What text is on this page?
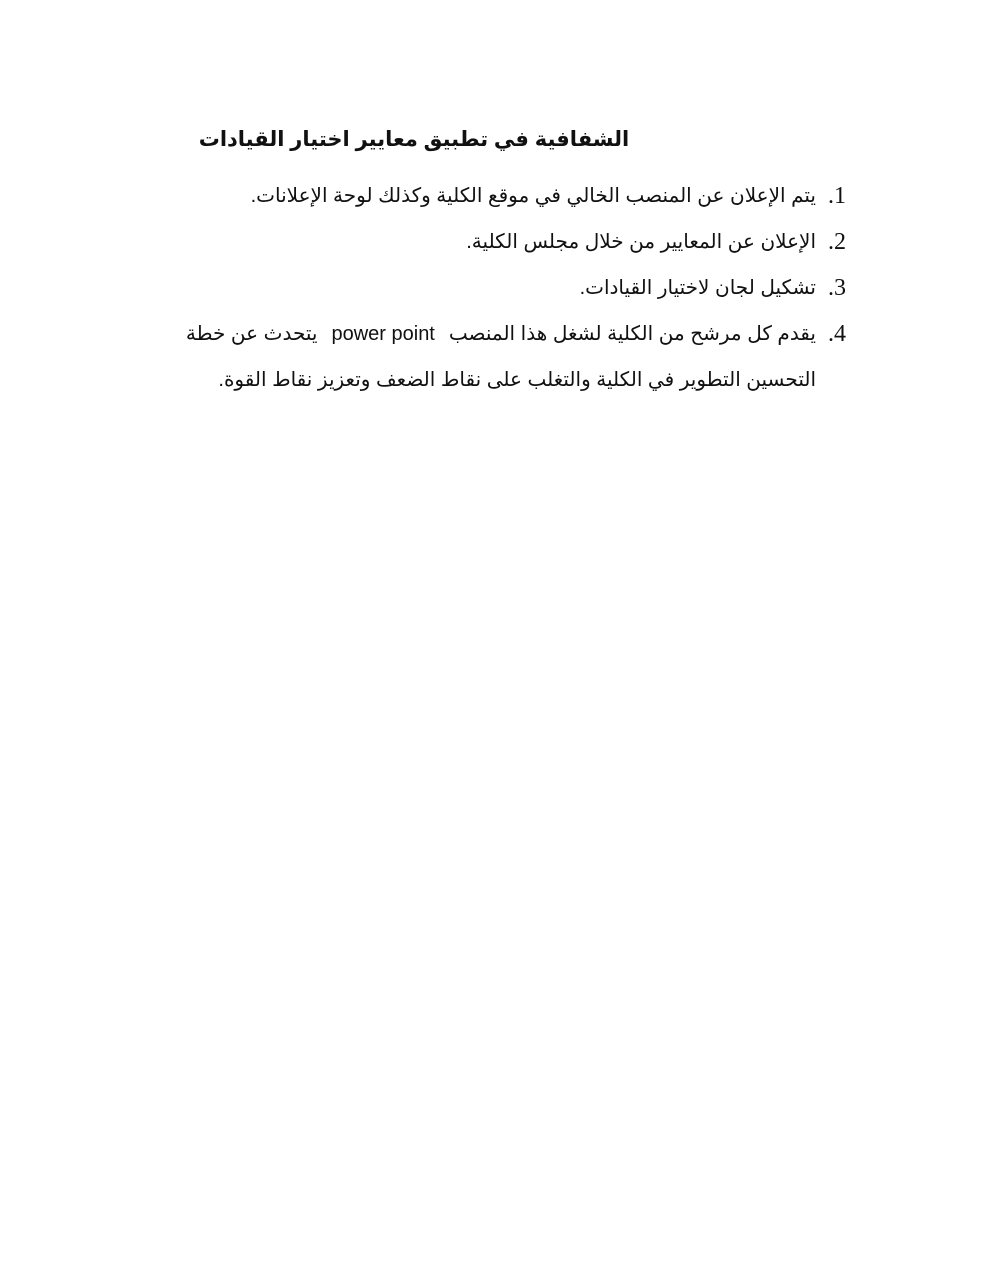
الشفافية في تطبيق معايير اختيار القيادات
1.
يتم الإعلان عن المنصب الخالي في موقع الكلية وكذلك لوحة الإعلانات.
2.
الإعلان عن المعايير من خلال مجلس الكلية.
3.
تشكيل لجان لاختيار القيادات.
4.
يقدم كل مرشح من الكلية لشغل هذا المنصبpower pointيتحدث عن خطة
التحسين التطوير في الكلية والتغلب على نقاط الضعف وتعزيز نقاط القوة.
